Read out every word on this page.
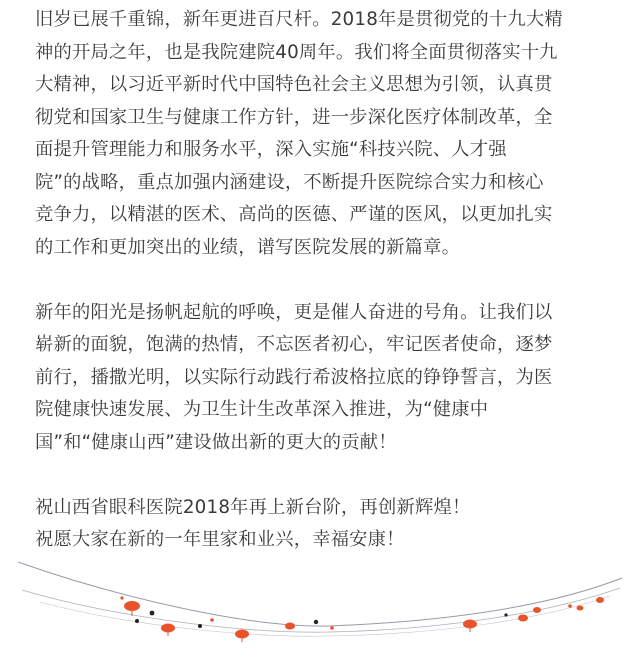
旧岁已展千重锦，新年更进百尺杆。2018年是贯彻党的十九大精
神的开局之年，也是我院建院40周年。我们将全面贯彻落实十九
大精神，以习近平新时代中国特色社会主义思想为引领，认真贯
彻党和国家卫生与健康工作方针，进一步深化医疗体制改革，全
面提升管理能力和服务水平，深入实施“科技兴院、人才强
院”的战略，重点加强内涵建设，不断提升医院综合实力和核心
竞争力，以精湛的医术、高尚的医德、严谨的医风，以更加扎实
的工作和更加突出的业绩，谱写医院发展的新篇章。
新年的阳光是扬帆起航的呼唤，更是催人奋进的号角。让我们以
崭新的面貌，饱满的热情，不忘医者初心，牢记医者使命，逐梦
前行，播撒光明，以实际行动践行希波格拉底的铮铮誓言，为医
院健康快速发展、为卫生计生改革深入推进，为“健康中
国”和“健康山西”建设做出新的更大的贡献！
祝山西省眼科医院2018年再上新台阶，再创新辉煌！
祝愿大家在新的一年里家和业兴，幸福安康！
